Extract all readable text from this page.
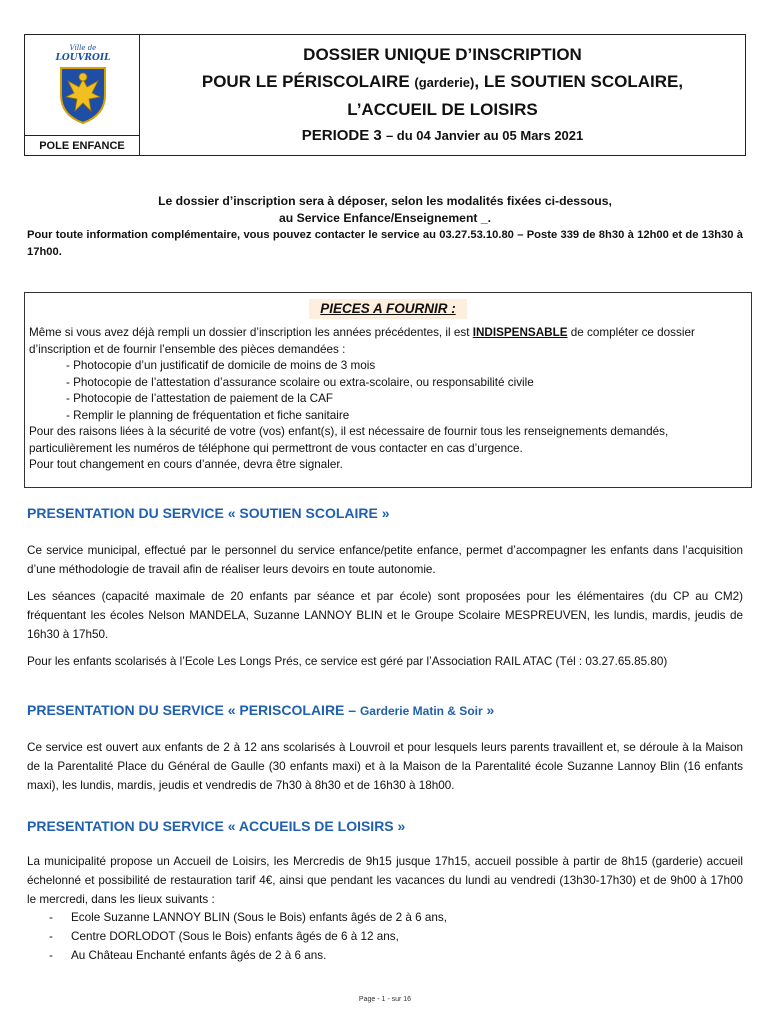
Ville de
LOUVROIL
POLE ENFANCE
DOSSIER UNIQUE D’INSCRIPTION
POUR LE PÉRISCOLAIRE (garderie), LE SOUTIEN SCOLAIRE,
L’ACCUEIL DE LOISIRS
PERIODE 3 – du 04 Janvier au 05 Mars 2021
Le dossier d’inscription sera à déposer, selon les modalités fixées ci-dessous,
au Service Enfance/Enseignement _.
Pour toute information complémentaire, vous pouvez contacter le service au 03.27.53.10.80 – Poste 339 de 8h30 à 12h00 et de 13h30 à 17h00.
PIECES A FOURNIR :
Même si vous avez déjà rempli un dossier d’inscription les années précédentes, il est INDISPENSABLE de compléter ce dossier d’inscription et de fournir l’ensemble des pièces demandées :
- Photocopie d’un justificatif de domicile de moins de 3 mois
- Photocopie de l’attestation d’assurance scolaire ou extra-scolaire, ou responsabilité civile
- Photocopie de l’attestation de paiement de la CAF
- Remplir le planning de fréquentation et fiche sanitaire
Pour des raisons liées à la sécurité de votre (vos) enfant(s), il est nécessaire de fournir tous les renseignements demandés, particulièrement les numéros de téléphone qui permettront de vous contacter en cas d’urgence.
Pour tout changement en cours d’année, devra être signaler.
PRESENTATION DU SERVICE « SOUTIEN SCOLAIRE »
Ce service municipal, effectué par le personnel du service enfance/petite enfance, permet d’accompagner les enfants dans l’acquisition d’une méthodologie de travail afin de réaliser leurs devoirs en toute autonomie.
Les séances (capacité maximale de 20 enfants par séance et par école) sont proposées pour les élémentaires (du CP au CM2) fréquentant les écoles Nelson MANDELA, Suzanne LANNOY BLIN et le Groupe Scolaire MESPREUVEN, les lundis, mardis, jeudis de 16h30 à 17h50.
Pour les enfants scolarisés à l’Ecole Les Longs Prés, ce service est géré par l’Association RAIL ATAC (Tél : 03.27.65.85.80)
PRESENTATION DU SERVICE « PERISCOLAIRE – Garderie Matin & Soir »
Ce service est ouvert aux enfants de 2 à 12 ans scolarisés à Louvroil et pour lesquels leurs parents travaillent et, se déroule à la Maison de la Parentalité Place du Général de Gaulle (30 enfants maxi) et à la Maison de la Parentalité école Suzanne Lannoy Blin (16 enfants maxi), les lundis, mardis, jeudis et vendredis de 7h30 à 8h30 et de 16h30 à 18h00.
PRESENTATION DU SERVICE « ACCUEILS DE LOISIRS »
La municipalité propose un Accueil de Loisirs, les Mercredis de 9h15 jusque 17h15, accueil possible à partir de 8h15 (garderie) accueil échelonné et possibilité de restauration tarif 4€, ainsi que pendant les vacances du lundi au vendredi (13h30-17h30) et de 9h00 à 17h00 le mercredi, dans les lieux suivants :
- Ecole Suzanne LANNOY BLIN (Sous le Bois) enfants âgés de 2 à 6 ans,
- Centre DORLODOT (Sous le Bois) enfants âgés de 6 à 12 ans,
- Au Château Enchanté enfants âgés de 2 à 6 ans.
Page - 1 - sur 16
